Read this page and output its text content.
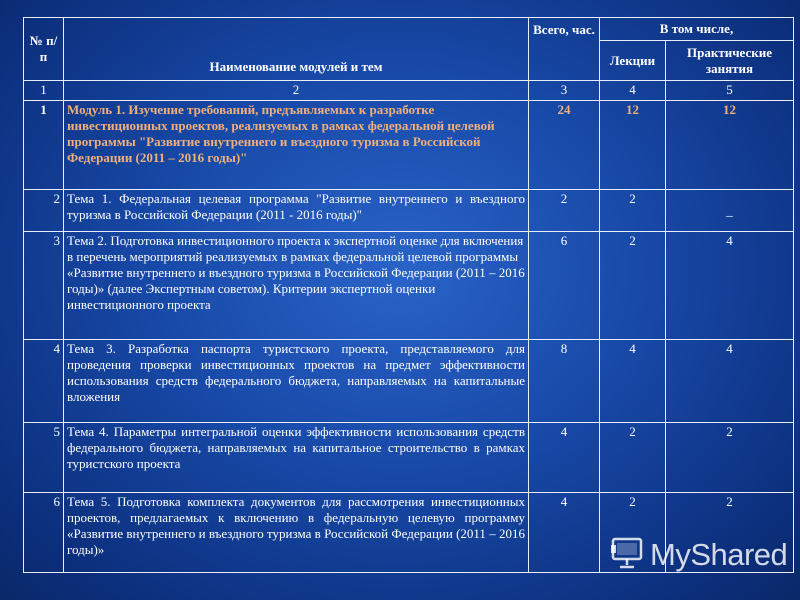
№ п/п	Наименование модулей и тем	Всего, час.	В том числе,	
			Лекции	Практические занятия
1	2	3	4	5
1	Модуль 1. Изучение требований, предъявляемых к разработке инвестиционных проектов, реализуемых в рамках федеральной целевой программы "Развитие внутреннего и въездного туризма в Российской Федерации (2011 – 2016 годы)"	24	12	12
2	Тема 1. Федеральная целевая программа "Развитие внутреннего и въездного туризма в Российской Федерации (2011 - 2016 годы)"	2	2	_
3	Тема 2. Подготовка инвестиционного проекта к экспертной оценке для включения в перечень мероприятий реализуемых в рамках федеральной целевой программы «Развитие внутреннего и въездного туризма в Российской Федерации (2011 – 2016 годы)» (далее Экспертным советом). Критерии экспертной оценки инвестиционного проекта	6	2	4
4	Тема 3. Разработка паспорта туристского проекта, представляемого для проведения проверки инвестиционных проектов на предмет эффективности использования средств федерального бюджета, направляемых на капитальные вложения	8	4	4
5	Тема 4. Параметры интегральной оценки эффективности использования средств федерального бюджета, направляемых на капитальное строительство в рамках туристского проекта	4	2	2
6	Тема 5. Подготовка комплекта документов для рассмотрения инвестиционных проектов, предлагаемых к включению в федеральную целевую программу «Развитие внутреннего и въездного туризма в Российской Федерации (2011 – 2016 годы)»	4	2	2
MyShared
